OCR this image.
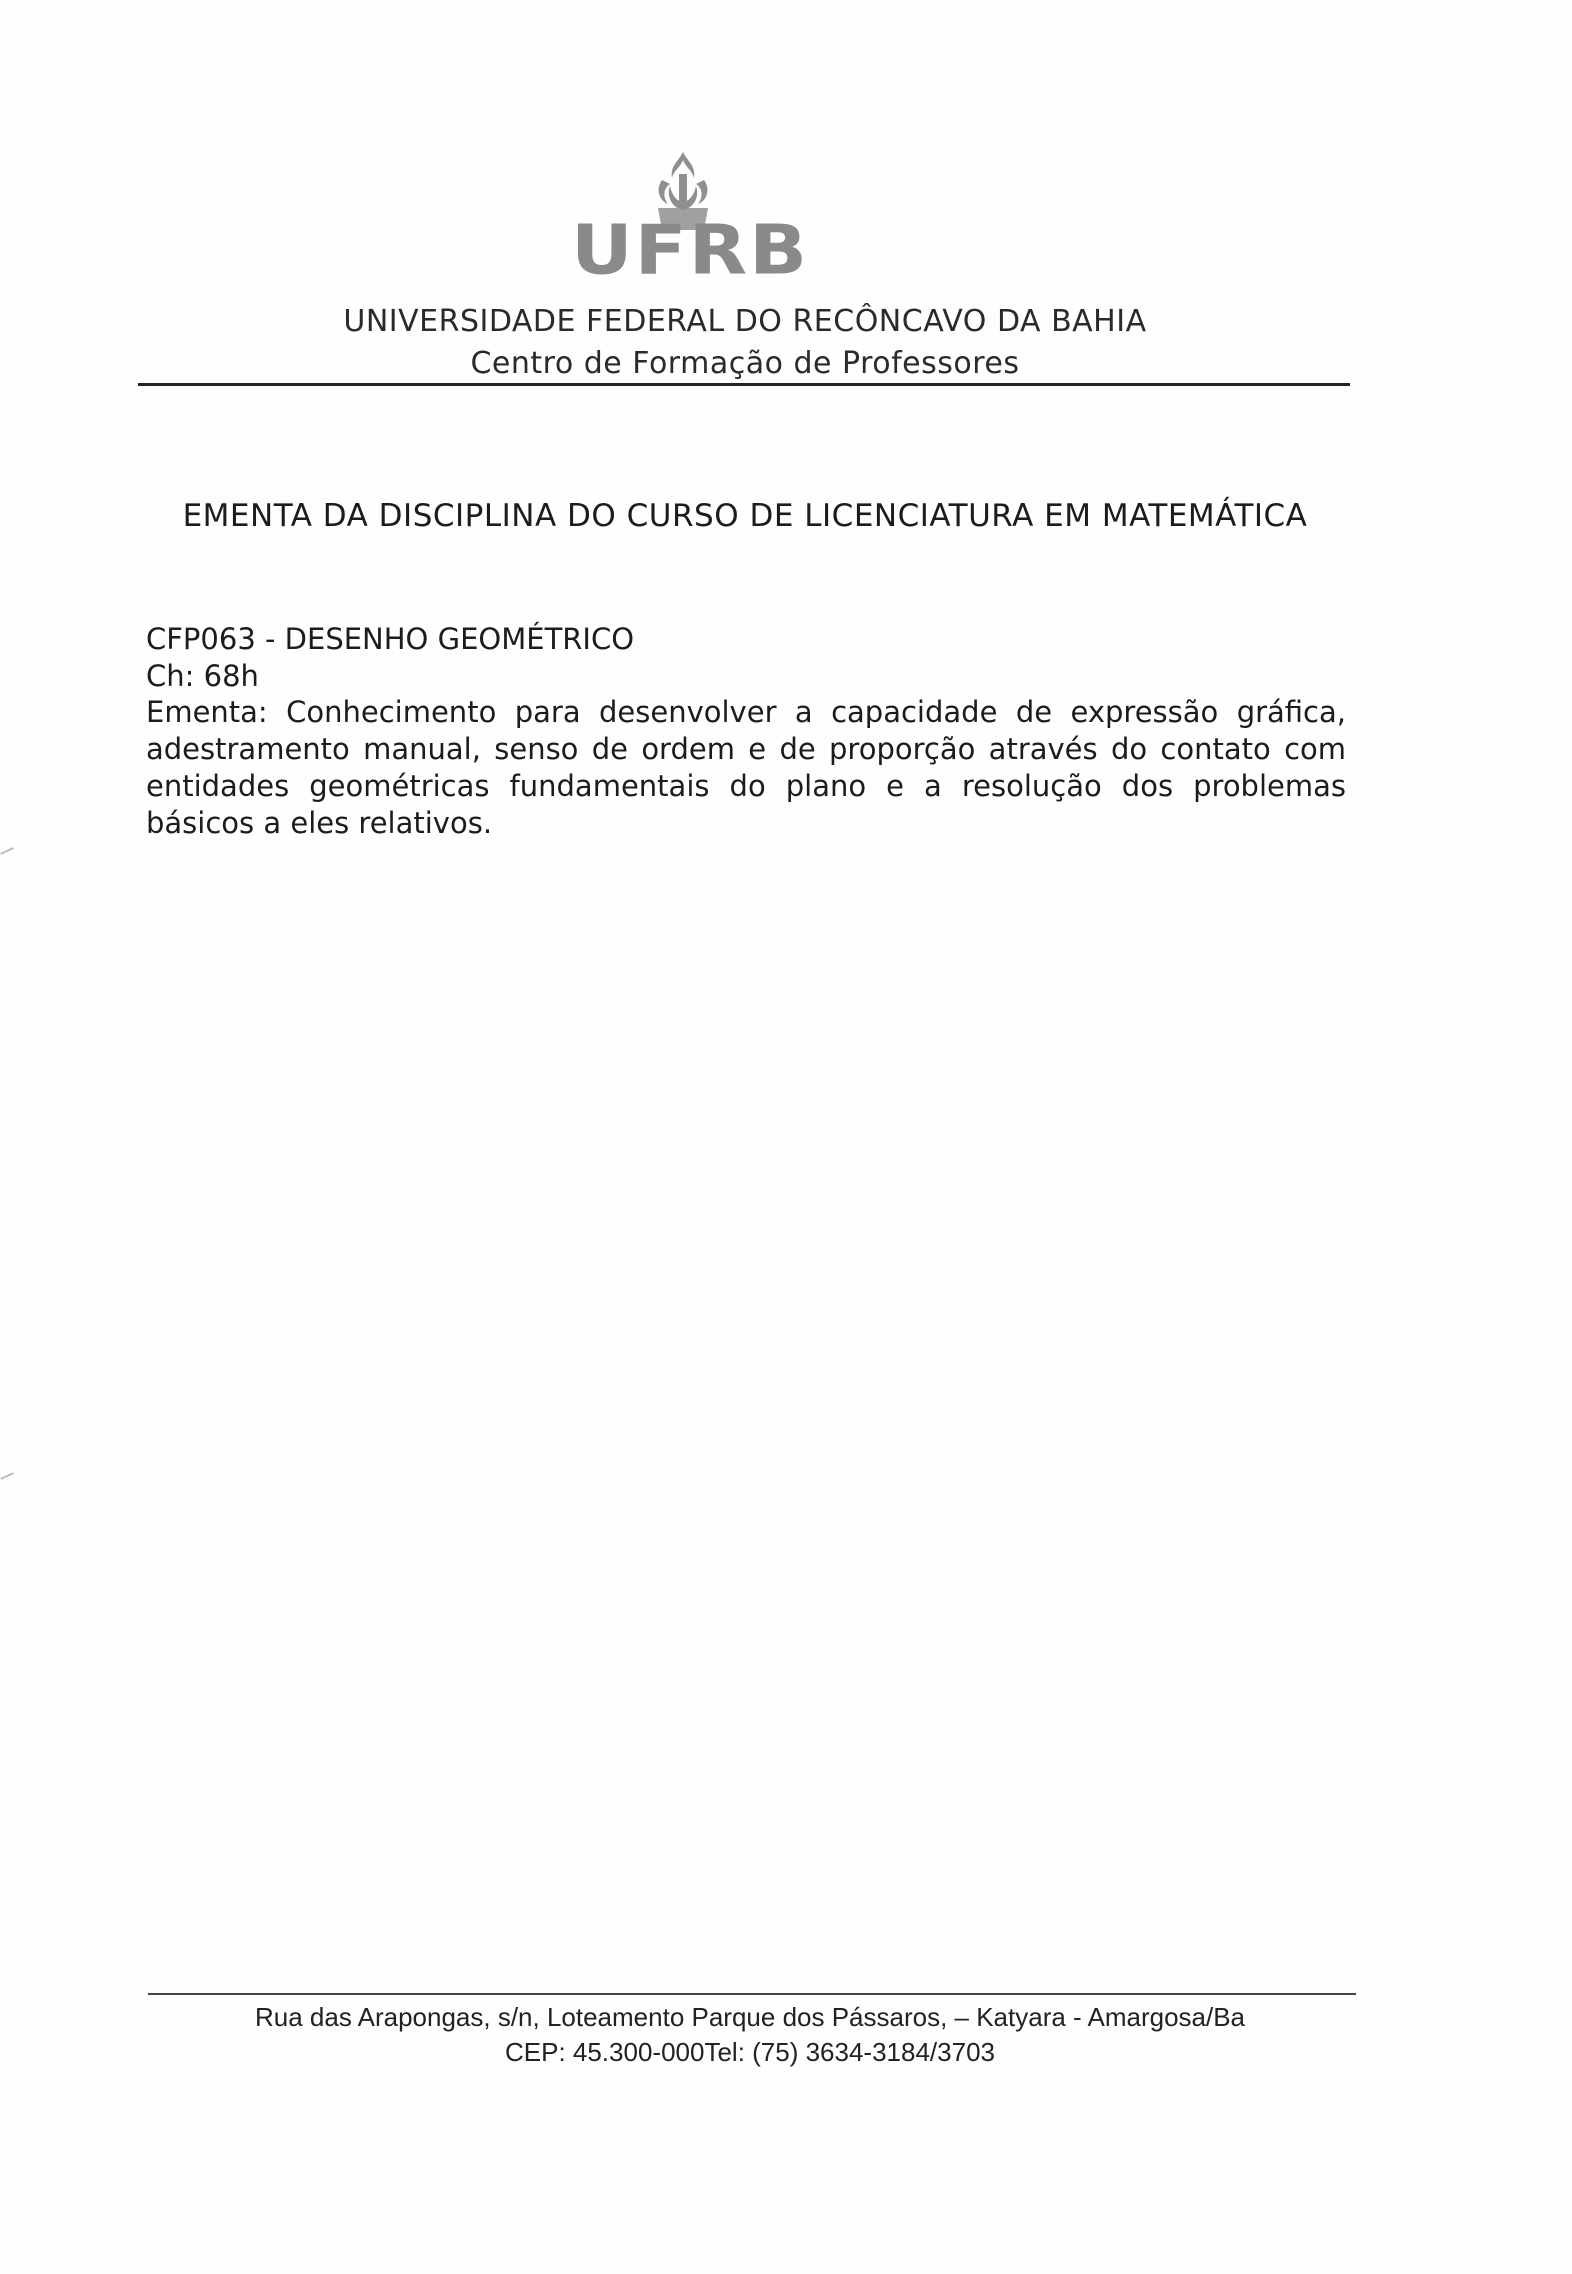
UFRB
UNIVERSIDADE FEDERAL DO RECÔNCAVO DA BAHIA
Centro de Formação de Professores
EMENTA DA DISCIPLINA DO CURSO DE LICENCIATURA EM MATEMÁTICA
CFP063 - DESENHO GEOMÉTRICO
Ch: 68h
Ementa: Conhecimento para desenvolver a capacidade de expressão gráfica, adestramento manual, senso de ordem e de proporção através do contato com entidades geométricas fundamentais do plano e a resolução dos problemas básicos a eles relativos.
Rua das Arapongas, s/n, Loteamento Parque dos Pássaros, – Katyara - Amargosa/Ba
CEP: 45.300-000Tel: (75) 3634-3184/3703
